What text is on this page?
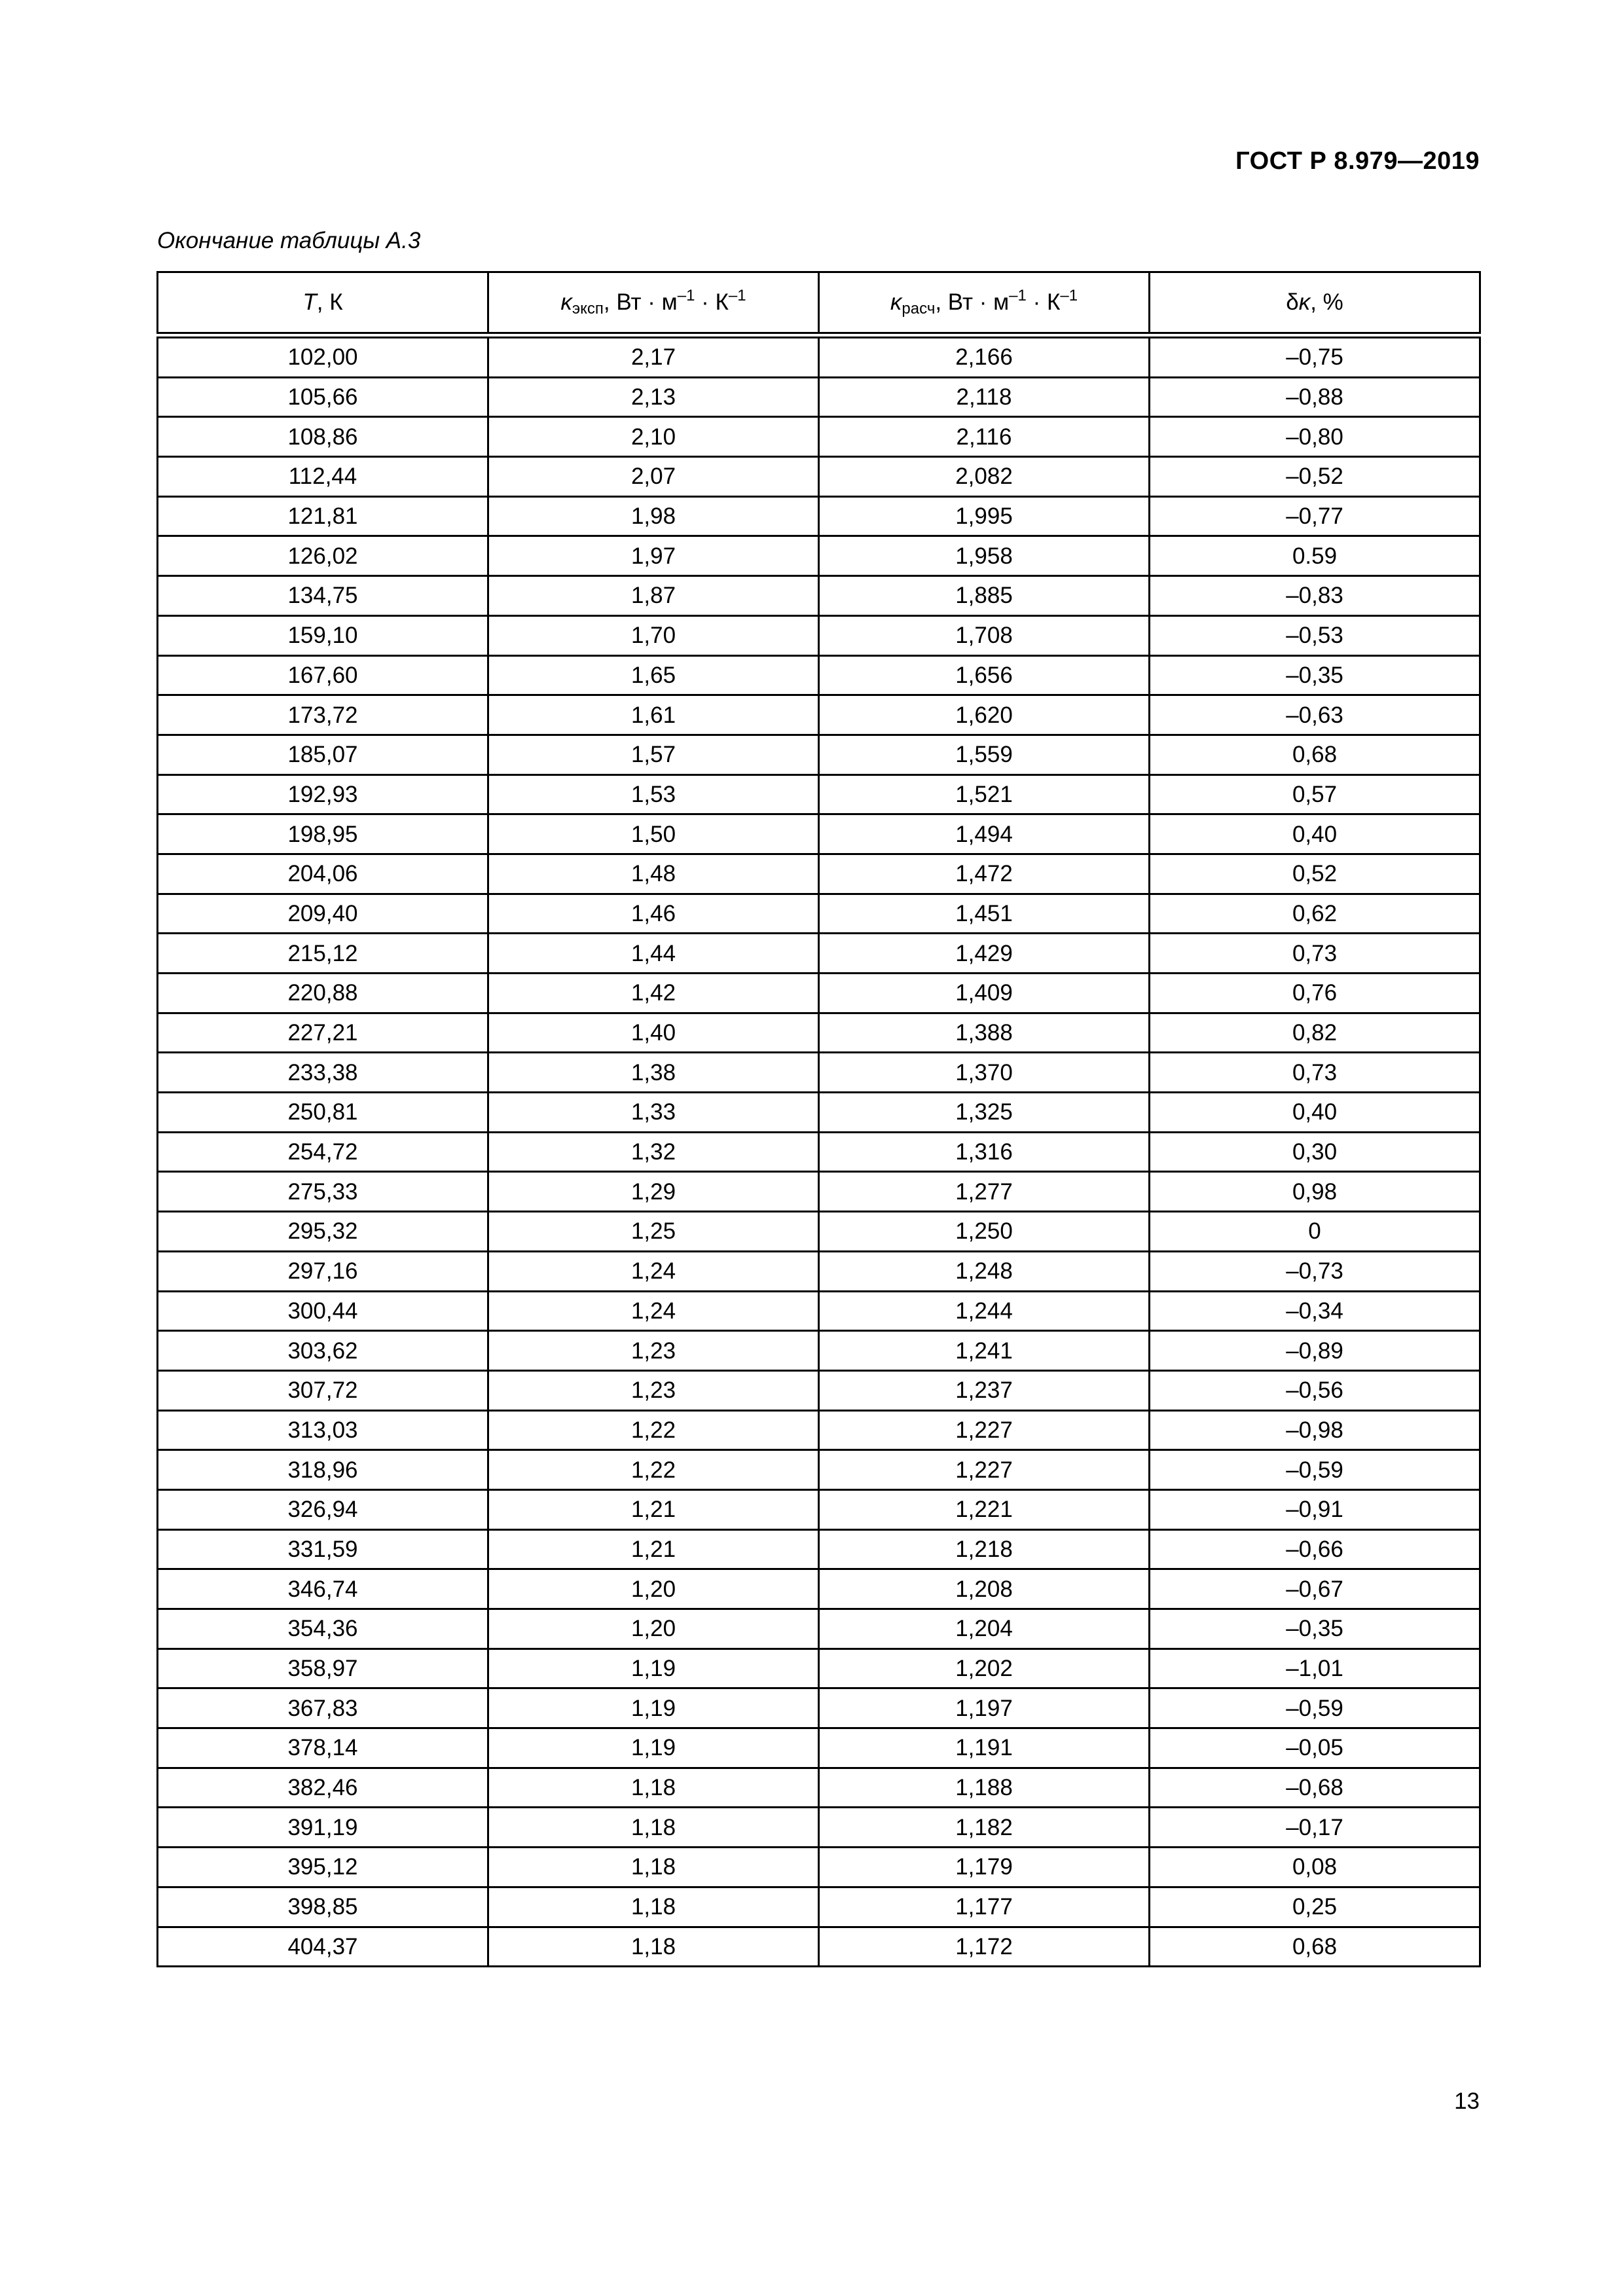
ГОСТ Р 8.979—2019
Окончание таблицы А.3
T, К	$\kappa_{эксп}$, Вт · $м^{-1} \cdot К^{-1}$	$\kappa_{расч}$, Вт · $м^{-1} \cdot К^{-1}$	δκ, %
102,00	2,17	2,166	–0,75
105,66	2,13	2,118	–0,88
108,86	2,10	2,116	–0,80
112,44	2,07	2,082	–0,52
121,81	1,98	1,995	–0,77
126,02	1,97	1,958	0.59
134,75	1,87	1,885	–0,83
159,10	1,70	1,708	–0,53
167,60	1,65	1,656	–0,35
173,72	1,61	1,620	–0,63
185,07	1,57	1,559	0,68
192,93	1,53	1,521	0,57
198,95	1,50	1,494	0,40
204,06	1,48	1,472	0,52
209,40	1,46	1,451	0,62
215,12	1,44	1,429	0,73
220,88	1,42	1,409	0,76
227,21	1,40	1,388	0,82
233,38	1,38	1,370	0,73
250,81	1,33	1,325	0,40
254,72	1,32	1,316	0,30
275,33	1,29	1,277	0,98
295,32	1,25	1,250	0
297,16	1,24	1,248	–0,73
300,44	1,24	1,244	–0,34
303,62	1,23	1,241	–0,89
307,72	1,23	1,237	–0,56
313,03	1,22	1,227	–0,98
318,96	1,22	1,227	–0,59
326,94	1,21	1,221	–0,91
331,59	1,21	1,218	–0,66
346,74	1,20	1,208	–0,67
354,36	1,20	1,204	–0,35
358,97	1,19	1,202	–1,01
367,83	1,19	1,197	–0,59
378,14	1,19	1,191	–0,05
382,46	1,18	1,188	–0,68
391,19	1,18	1,182	–0,17
395,12	1,18	1,179	0,08
398,85	1,18	1,177	0,25
404,37	1,18	1,172	0,68
13
